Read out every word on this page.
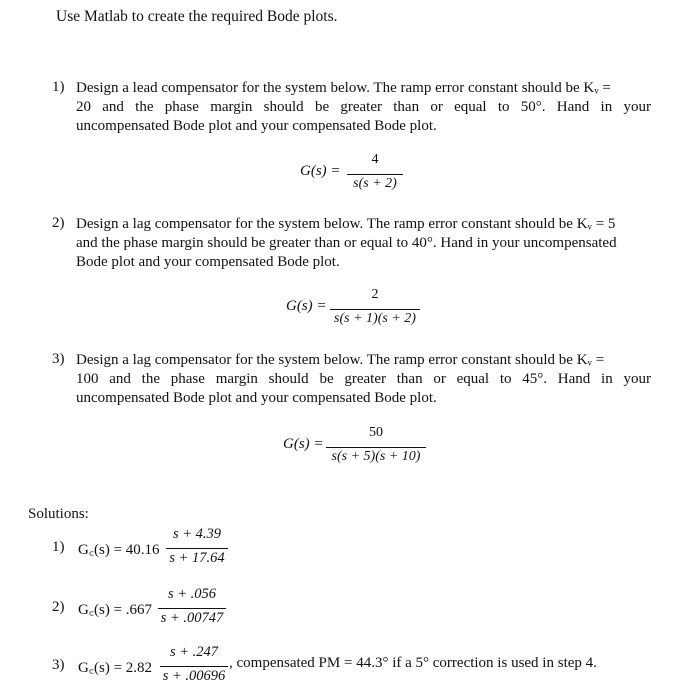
Use Matlab to create the required Bode plots.
1) Design a lead compensator for the system below. The ramp error constant should be Kᵥ =
20 and the phase margin should be greater than or equal to 50°. Hand in your
uncompensated Bode plot and your compensated Bode plot.
G(s) =
4
s(s + 2)
2) Design a lag compensator for the system below. The ramp error constant should be Kᵥ = 5
and the phase margin should be greater than or equal to 40°. Hand in your uncompensated
Bode plot and your compensated Bode plot.
G(s) =
2
s(s + 1)(s + 2)
3) Design a lag compensator for the system below. The ramp error constant should be Kᵥ =
100 and the phase margin should be greater than or equal to 45°. Hand in your
uncompensated Bode plot and your compensated Bode plot.
G(s) =
50
s(s + 5)(s + 10)
Solutions:
1) G꜀(s) = 40.16
s + 4.39
s + 17.64
2) G꜀(s) = .667
s + .056
s + .00747
3) G꜀(s) = 2.82
s + .247
s + .00696
, compensated PM = 44.3° if a 5° correction is used in step 4.
